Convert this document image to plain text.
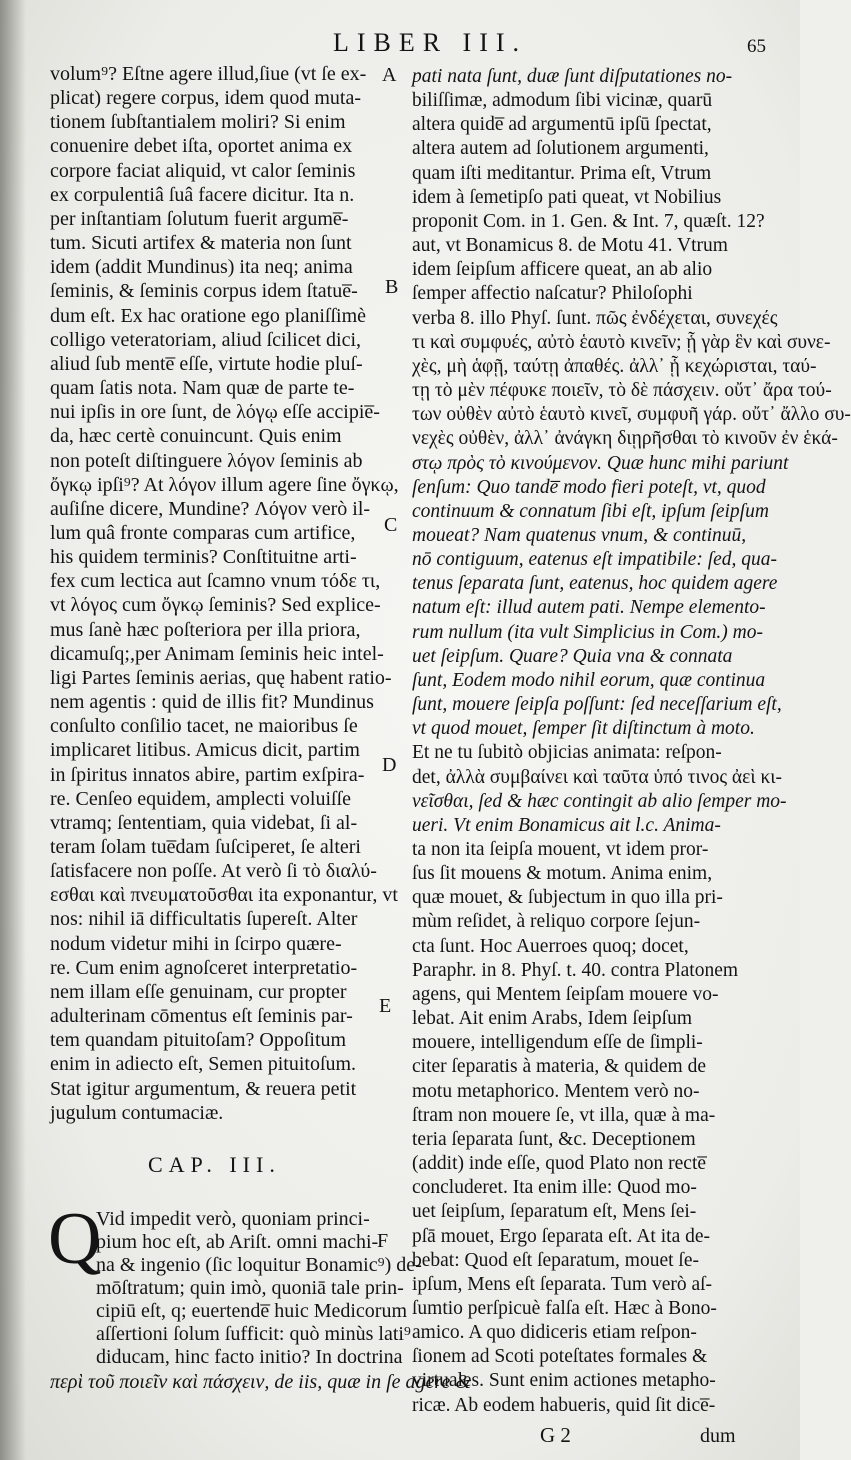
LIBER III.	65
volum⁹? Eſtne agere illud,ſiue (vt ſe ex-
plicat) regere corpus, idem quod muta-
tionem ſubſtantialem moliri? Si enim
conuenire debet iſta, oportet anima ex
corpore faciat aliquid, vt calor ſeminis
ex corpulentiâ ſuâ facere dicitur. Ita n.
per inſtantiam ſolutum fuerit argume̅-
tum. Sicuti artifex & materia non ſunt
idem (addit Mundinus) ita neq; anima
ſeminis, & ſeminis corpus idem ſtatue̅-
dum eſt. Ex hac oratione ego planiſſimè
colligo veteratoriam, aliud ſcilicet dici,
aliud ſub mente̅ eſſe, virtute hodie pluſ-
quam ſatis nota. Nam quæ de parte te-
nui ipſis in ore ſunt, de λόγῳ eſſe accipie̅-
da, hæc certè conuincunt. Quis enim
non poteſt diſtinguere λόγον ſeminis ab
ὄγκῳ ipſi⁹? At λόγον illum agere ſine ὄγκῳ,
auſiſne dicere, Mundine? Λόγον verò il-
lum quâ fronte comparas cum artifice,
his quidem terminis? Conſtituitne arti-
fex cum lectica aut ſcamno vnum τόδε τι,
vt λόγος cum ὄγκῳ ſeminis? Sed explice-
mus ſanè hæc poſteriora per illa priora,
dicamuſq;,per Animam ſeminis heic intel-
ligi Partes ſeminis aerias, quę habent ratio-
nem agentis : quid de illis fit? Mundinus
conſulto conſilio tacet, ne maioribus ſe
implicaret litibus. Amicus dicit, partim
in ſpiritus innatos abire, partim exſpira-
re. Cenſeo equidem, amplecti voluiſſe
vtramq; ſententiam, quia videbat, ſi al-
teram ſolam tue̅dam ſuſciperet, ſe alteri
ſatisfacere non poſſe. At verò ſi τὸ διαλύ-
εσθαι καὶ πνευματοῦσθαι ita exponantur, vt
nos: nihil iā difficultatis ſupereſt. Alter
nodum videtur mihi in ſcirpo quære-
re. Cum enim agnoſceret interpretatio-
nem illam eſſe genuinam, cur propter
adulterinam cōmentus eſt ſeminis par-
tem quandam pituitoſam? Oppoſitum
enim in adiecto eſt, Semen pituitoſum.
Stat igitur argumentum, & reuera petit
jugulum contumaciæ.
A
B
C
D
E
F
pati nata ſunt, duæ ſunt diſputationes no-
biliſſimæ, admodum ſibi vicinæ, quarū
altera quide̅ ad argumentū ipſū ſpectat,
altera autem ad ſolutionem argumenti,
quam iſti meditantur. Prima eſt, Vtrum
idem à ſemetipſo pati queat, vt Nobilius
proponit Com. in 1. Gen. & Int. 7, quæſt. 12?
aut, vt Bonamicus 8. de Motu 41. Vtrum
idem ſeipſum afficere queat, an ab alio
ſemper affectio naſcatur? Philoſophi
verba 8. illo Phyſ. ſunt. πῶς ἐνδέχεται, συνεχές
τι καὶ συμφυές, αὐτὸ ἑαυτὸ κινεῖν; ᾗ γὰρ ἓν καὶ συνε-
χὲς, μὴ ἁφῇ, ταύτῃ ἀπαθές. ἀλλ᾽ ᾗ κεχώρισται, ταύ-
τῃ τὸ μὲν πέφυκε ποιεῖν, τὸ δὲ πάσχειν. οὔτ᾽ ἄρα τού-
των οὐθὲν αὐτὸ ἑαυτὸ κινεῖ, συμφυῆ γάρ. οὔτ᾽ ἄλλο συ-
νεχὲς οὐθὲν, ἀλλ᾽ ἀνάγκη διῃρῆσθαι τὸ κινοῦν ἐν ἑκά-
στῳ πρὸς τὸ κινούμενον. Quæ hunc mihi pariunt
ſenſum: Quo tande̅ modo fieri poteſt, vt, quod
continuum & connatum ſibi eſt, ipſum ſeipſum
moueat? Nam quatenus vnum, & continuū,
nō contiguum, eatenus eſt impatibile: ſed, qua-
tenus ſeparata ſunt, eatenus, hoc quidem agere
natum eſt: illud autem pati. Nempe elemento-
rum nullum (ita vult Simplicius in Com.) mo-
uet ſeipſum. Quare? Quia vna & connata
ſunt, Eodem modo nihil eorum, quæ continua
ſunt, mouere ſeipſa poſſunt: ſed neceſſarium eſt,
vt quod mouet, ſemper ſit diſtinctum à moto.
Et ne tu ſubitò objicias animata: reſpon-
det, ἀλλὰ συμβαίνει καὶ ταῦτα ὑπό τινος ἀεὶ κι-
νεῖσθαι, ſed & hæc contingit ab alio ſemper mo-
ueri. Vt enim Bonamicus ait l.c. Anima-
ta non ita ſeipſa mouent, vt idem pror-
ſus ſit mouens & motum. Anima enim,
quæ mouet, & ſubjectum in quo illa pri-
mùm reſidet, à reliquo corpore ſejun-
cta ſunt. Hoc Auerroes quoq; docet,
Paraphr. in 8. Phyſ. t. 40. contra Platonem
agens, qui Mentem ſeipſam mouere vo-
lebat. Ait enim Arabs, Idem ſeipſum
mouere, intelligendum eſſe de ſimpli-
citer ſeparatis à materia, & quidem de
motu metaphorico. Mentem verò no-
ſtram non mouere ſe, vt illa, quæ à ma-
teria ſeparata ſunt, &c. Deceptionem
(addit) inde eſſe, quod Plato non recte̅
concluderet. Ita enim ille: Quod mo-
uet ſeipſum, ſeparatum eſt, Mens ſei-
pſā mouet, Ergo ſeparata eſt. At ita de-
bebat: Quod eſt ſeparatum, mouet ſe-
ipſum, Mens eſt ſeparata. Tum verò aſ-
ſumtio perſpicuè falſa eſt. Hæc à Bono-
amico. A quo didiceris etiam reſpon-
ſionem ad Scoti poteſtates formales &
virtuales. Sunt enim actiones metapho-
ricæ. Ab eodem habueris, quid ſit dice̅-
CAP. III.
Q
Vid impedit verò, quoniam princi-
pium hoc eſt, ab Ariſt. omni machi-
na & ingenio (ſic loquitur Bonamic⁹) de-
mōſtratum; quin imò, quoniā tale prin-
cipiū eſt, q; euertende̅ huic Medicorum
aſſertioni ſolum ſufficit: quò minùs lati⁹
diducam, hinc facto initio? In doctrina
περὶ τοῦ ποιεῖν καὶ πάσχειν, de iis, quæ in ſe agere &
G 2	dum
